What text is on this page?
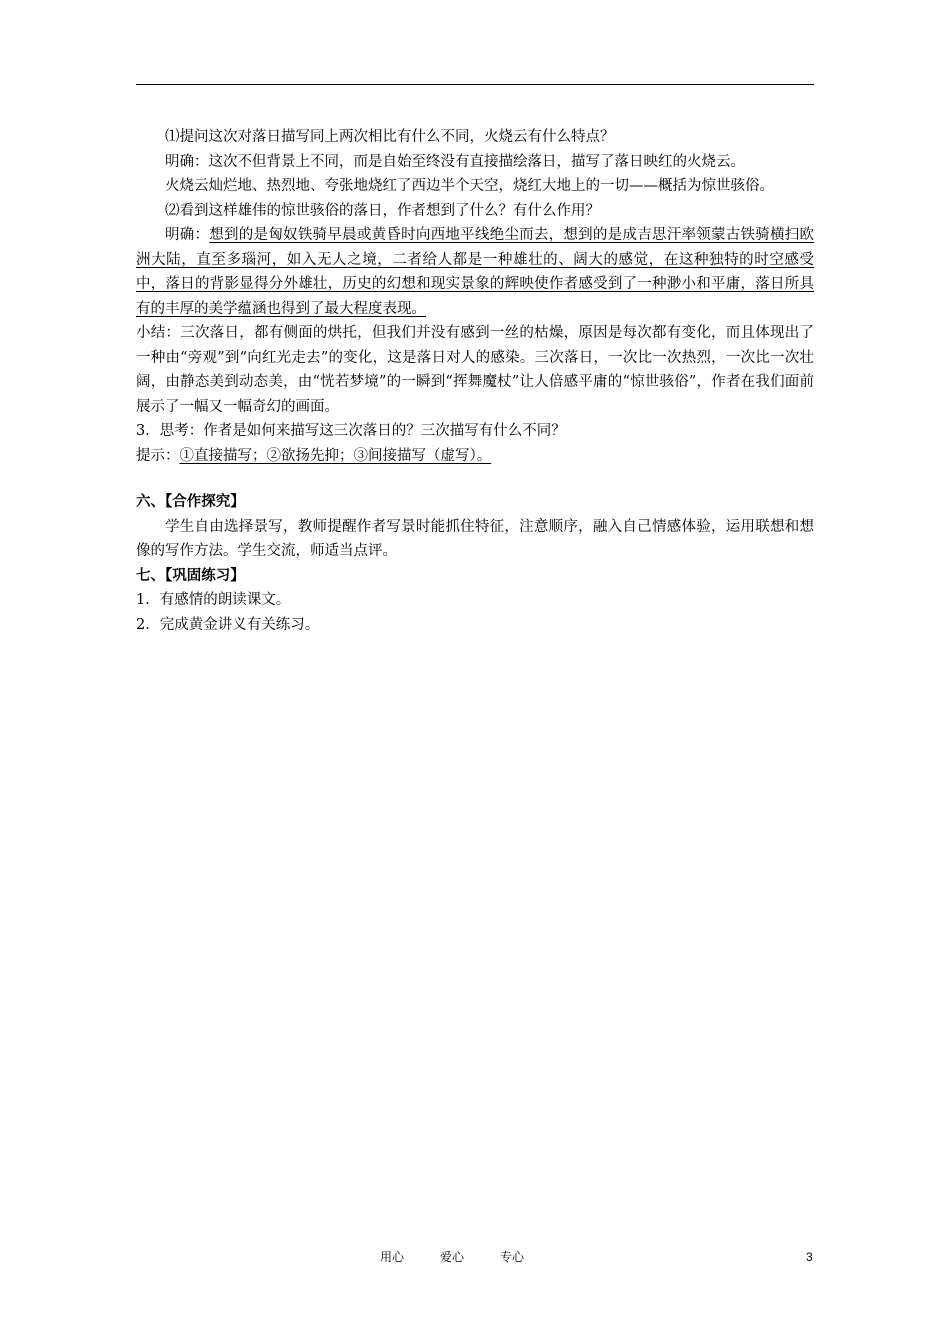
⑴提问这次对落日描写同上两次相比有什么不同，火烧云有什么特点？

明确：这次不但背景上不同，而是自始至终没有直接描绘落日，描写了落日映红的火烧云。

火烧云灿烂地、热烈地、夸张地烧红了西边半个天空，烧红大地上的一切——概括为惊世骇俗。

⑵看到这样雄伟的惊世骇俗的落日，作者想到了什么？有什么作用？

明确：想到的是匈奴铁骑早晨或黄昏时向西地平线绝尘而去，想到的是成吉思汗率领蒙古铁骑横扫欧洲大陆，直至多瑙河，如入无人之境，二者给人都是一种雄壮的、阔大的感觉，在这种独特的时空感受中，落日的背影显得分外雄壮，历史的幻想和现实景象的辉映使作者感受到了一种渺小和平庸，落日所具有的丰厚的美学蕴涵也得到了最大程度表现。

小结：三次落日，都有侧面的烘托，但我们并没有感到一丝的枯燥，原因是每次都有变化，而且体现出了一种由“旁观”到“向红光走去”的变化，这是落日对人的感染。三次落日，一次比一次热烈，一次比一次壮阔，由静态美到动态美，由“恍若梦境”的一瞬到“挥舞魔杖”让人倍感平庸的“惊世骇俗”，作者在我们面前展示了一幅又一幅奇幻的画面。

3．思考：作者是如何来描写这三次落日的？三次描写有什么不同？

提示：①直接描写；②欲扬先抑；③间接描写（虚写）。

六、【合作探究】

学生自由选择景写，教师提醒作者写景时能抓住特征，注意顺序，融入自己情感体验，运用联想和想像的写作方法。学生交流，师适当点评。

七、【巩固练习】

1．有感情的朗读课文。

2．完成黄金讲义有关练习。

用心	爱心	专心	3
